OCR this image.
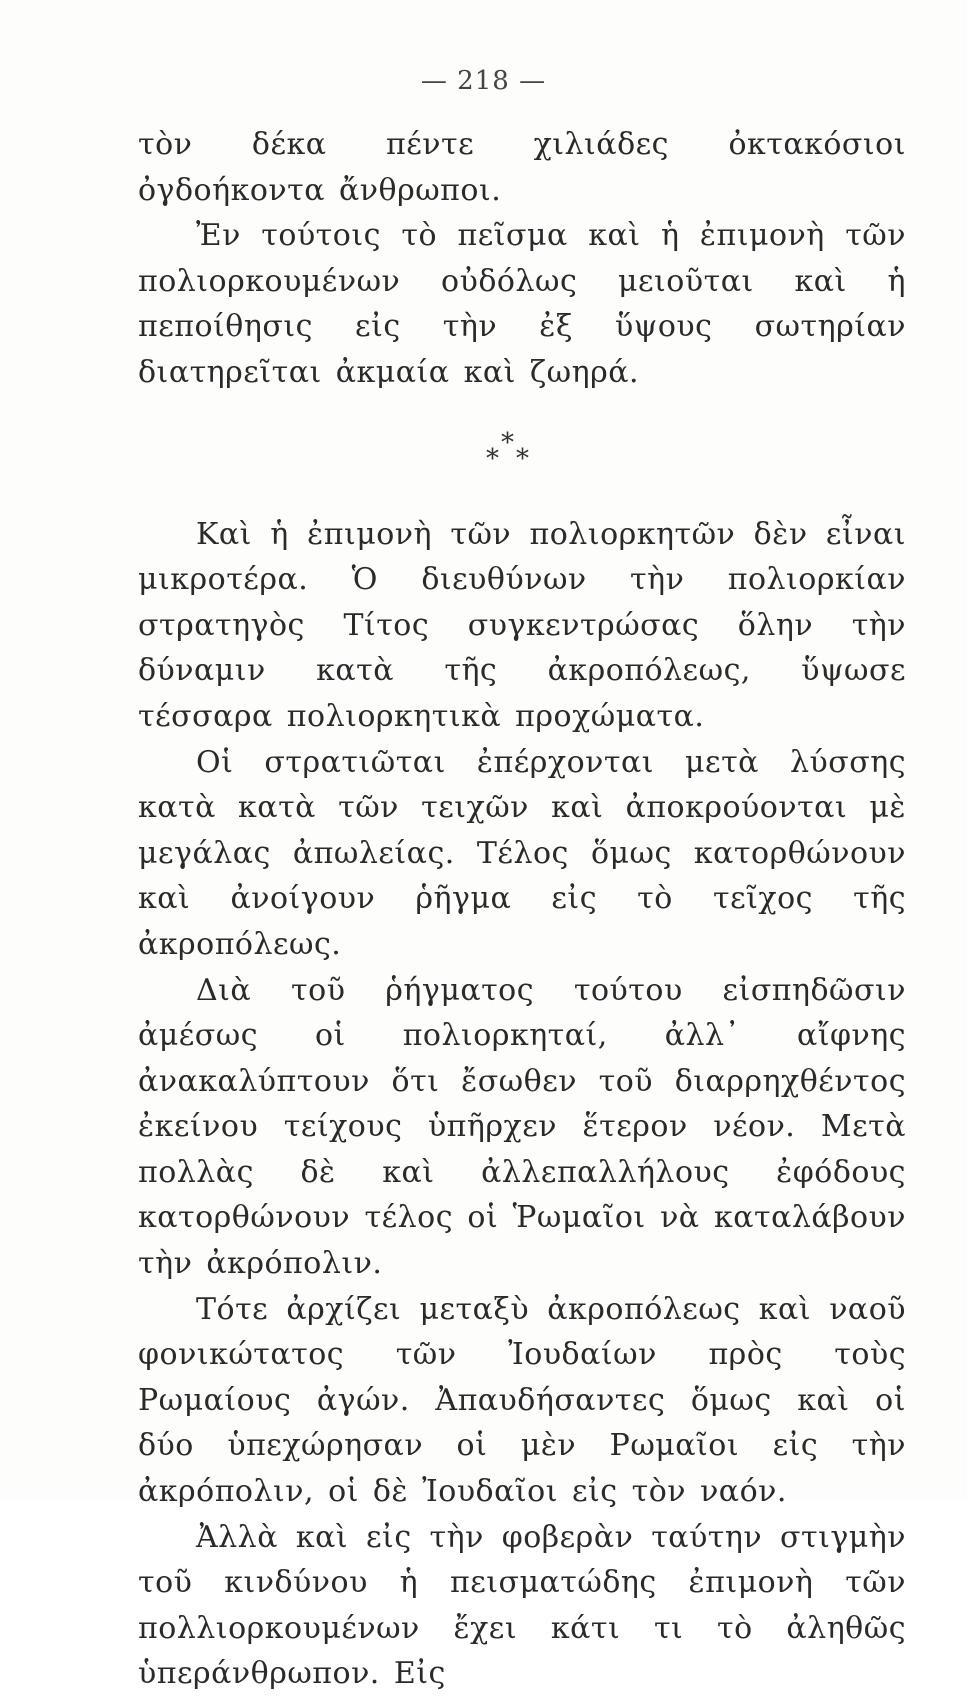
— 218 —

τὸν δέκα πέντε χιλιάδες ὀκτακόσιοι ὀγδοήκοντα ἄνθρωποι.

Ἐν τούτοις τὸ πεῖσμα καὶ ἡ ἐπιμονὴ τῶν πολιορκουμένων οὐδόλως μειοῦται καὶ ἡ πεποίθησις εἰς τὴν ἐξ ὕψους σωτηρίαν διατηρεῖται ἀκμαία καὶ ζωηρά.

*
* *

Καὶ ἡ ἐπιμονὴ τῶν πολιορκητῶν δὲν εἶναι μικροτέρα. Ὁ διευθύνων τὴν πολιορκίαν στρατηγὸς Τίτος συγκεντρώσας ὅλην τὴν δύναμιν κατὰ τῆς ἀκροπόλεως, ὕψωσε τέσσαρα πολιορκητικὰ προχώματα.

Οἱ στρατιῶται ἐπέρχονται μετὰ λύσσης κατὰ κατὰ τῶν τειχῶν καὶ ἀποκρούονται μὲ μεγάλας ἀπωλείας. Τέλος ὅμως κατορθώνουν καὶ ἀνοίγουν ῥῆγμα εἰς τὸ τεῖχος τῆς ἀκροπόλεως.

Διὰ τοῦ ῥήγματος τούτου εἰσπηδῶσιν ἀμέσως οἱ πολιορκηταί, ἀλλ᾽ αἴφνης ἀνακαλύπτουν ὅτι ἔσωθεν τοῦ διαρρηχθέντος ἐκείνου τείχους ὑπῆρχεν ἕτερον νέον. Μετὰ πολλὰς δὲ καὶ ἀλλεπαλλήλους ἐφόδους κατορθώνουν τέλος οἱ Ῥωμαῖοι νὰ καταλάβουν τὴν ἀκρόπολιν.

Τότε ἀρχίζει μεταξὺ ἀκροπόλεως καὶ ναοῦ φονικώτατος τῶν Ἰουδαίων πρὸς τοὺς Ρωμαίους ἀγών. Ἀπαυδήσαντες ὅμως καὶ οἱ δύο ὑπεχώρησαν οἱ μὲν Ρωμαῖοι εἰς τὴν ἀκρόπολιν, οἱ δὲ Ἰουδαῖοι εἰς τὸν ναόν.

Ἀλλὰ καὶ εἰς τὴν φοβερὰν ταύτην στιγμὴν τοῦ κινδύνου ἡ πεισματώδης ἐπιμονὴ τῶν πολλιορκουμένων ἔχει κάτι τι τὸ ἀληθῶς ὑπεράνθρωπον. Εἰς
